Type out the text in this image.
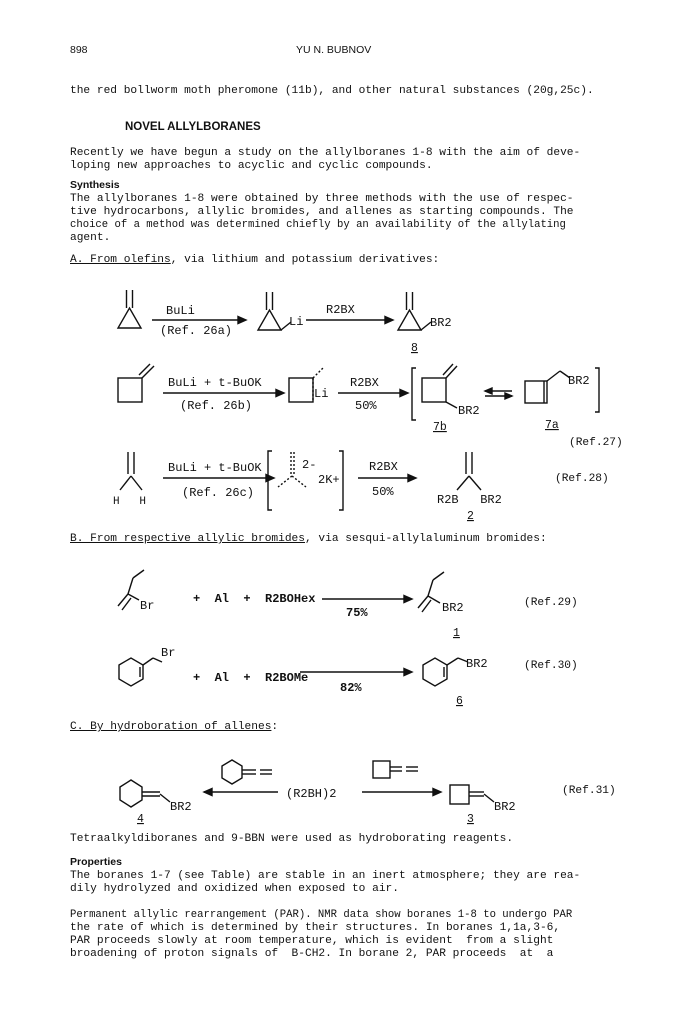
898	YU N. BUBNOV
the red bollworm moth pheromone (11b), and other natural substances (20g,25c).
NOVEL ALLYLBORANES
Recently we have begun a study on the allylboranes 1-8 with the aim of deve-
loping new approaches to acyclic and cyclic compounds.
Synthesis
The allylboranes 1-8 were obtained by three methods with the use of respec-
tive hydrocarbons, allylic bromides, and allenes as starting compounds. The
choice of a method was determined chiefly by an availability of the allylating
agent.
A. From olefins, via lithium and potassium derivatives:
BuLi
(Ref. 26a)
Li
R2BX
BR2
8
BuLi + t-BuOK
(Ref. 26b)
Li
R2BX
50%	BR2
BR2
7b	7a
(Ref.27)
BuLi + t-BuOK
(Ref. 26c)
H   H
2-
2K+
R2BX
50%
R2B   BR2
2
(Ref.28)
B. From respective allylic bromides, via sesqui-allylaluminum bromides:
Br	+  Al  +  R2BOHex
75%	BR2
1
(Ref.29)
Br
+  Al  +  R2BOMe
82%
BR2
6
(Ref.30)
C. By hydroboration of allenes:
BR2
4
(R2BH)2
BR2
3
(Ref.31)
Tetraalkyldiboranes and 9-BBN were used as hydroborating reagents.
Properties
The boranes 1-7 (see Table) are stable in an inert atmosphere; they are rea-
dily hydrolyzed and oxidized when exposed to air.
Permanent allylic rearrangement (PAR). NMR data show boranes 1-8 to undergo PAR
the rate of which is determined by their structures. In boranes 1,1a,3-6,
PAR proceeds slowly at room temperature, which is evident  from a slight
broadening of proton signals of  B-CH2. In borane 2, PAR proceeds  at  a
